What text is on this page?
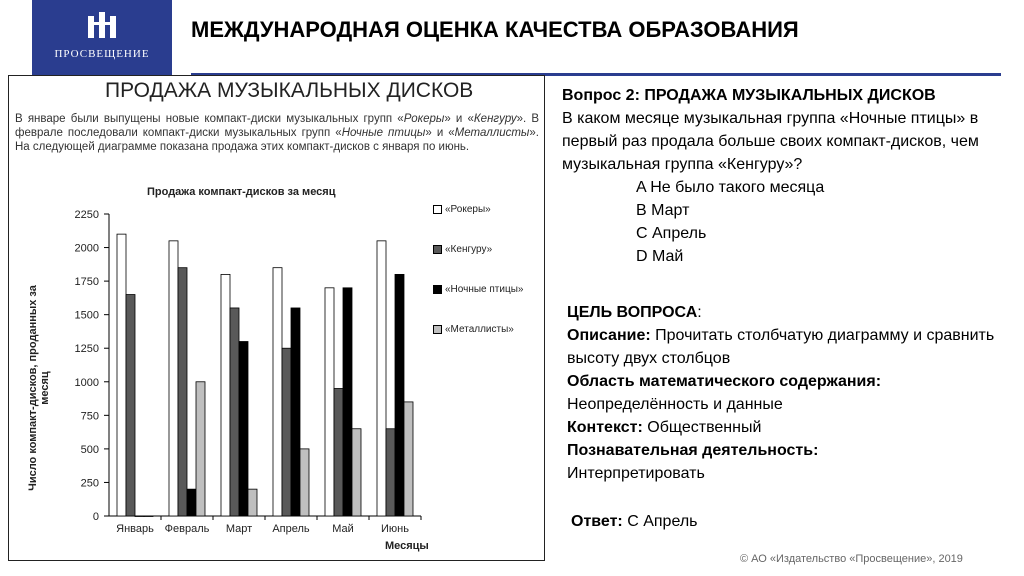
ПРОСВЕЩЕНИЕ
МЕЖДУНАРОДНАЯ ОЦЕНКА КАЧЕСТВА ОБРАЗОВАНИЯ
ПРОДАЖА МУЗЫКАЛЬНЫХ ДИСКОВ
В январе были выпущены новые компакт-диски музыкальных групп «Рокеры» и «Кенгуру». В феврале последовали компакт-диски музыкальных групп «Ночные птицы» и «Металлисты». На следующей диаграмме показана продажа этих компакт-дисков с января по июнь.
Продажа компакт-дисков за месяц
Число компакт-дисков, проданных за месяц
Месяцы
0
250
500
750
1000
1250
1500
1750
2000
2250
Январь Февраль Март Апрель Май Июнь
«Рокеры»
«Кенгуру»
«Ночные птицы»
«Металлисты»
Вопрос 2: ПРОДАЖА МУЗЫКАЛЬНЫХ ДИСКОВ
В каком месяце музыкальная группа «Ночные птицы» в первый раз продала больше своих компакт-дисков, чем музыкальная группа «Кенгуру»?
A Не было такого месяца
B Март
C Апрель
D Май
ЦЕЛЬ ВОПРОСА:
Описание: Прочитать столбчатую диаграмму и сравнить высоту двух столбцов
Область математического содержания:
Неопределённость и данные
Контекст: Общественный
Познавательная деятельность:
Интерпретировать
Ответ: С Апрель
© АО «Издательство «Просвещение», 2019
